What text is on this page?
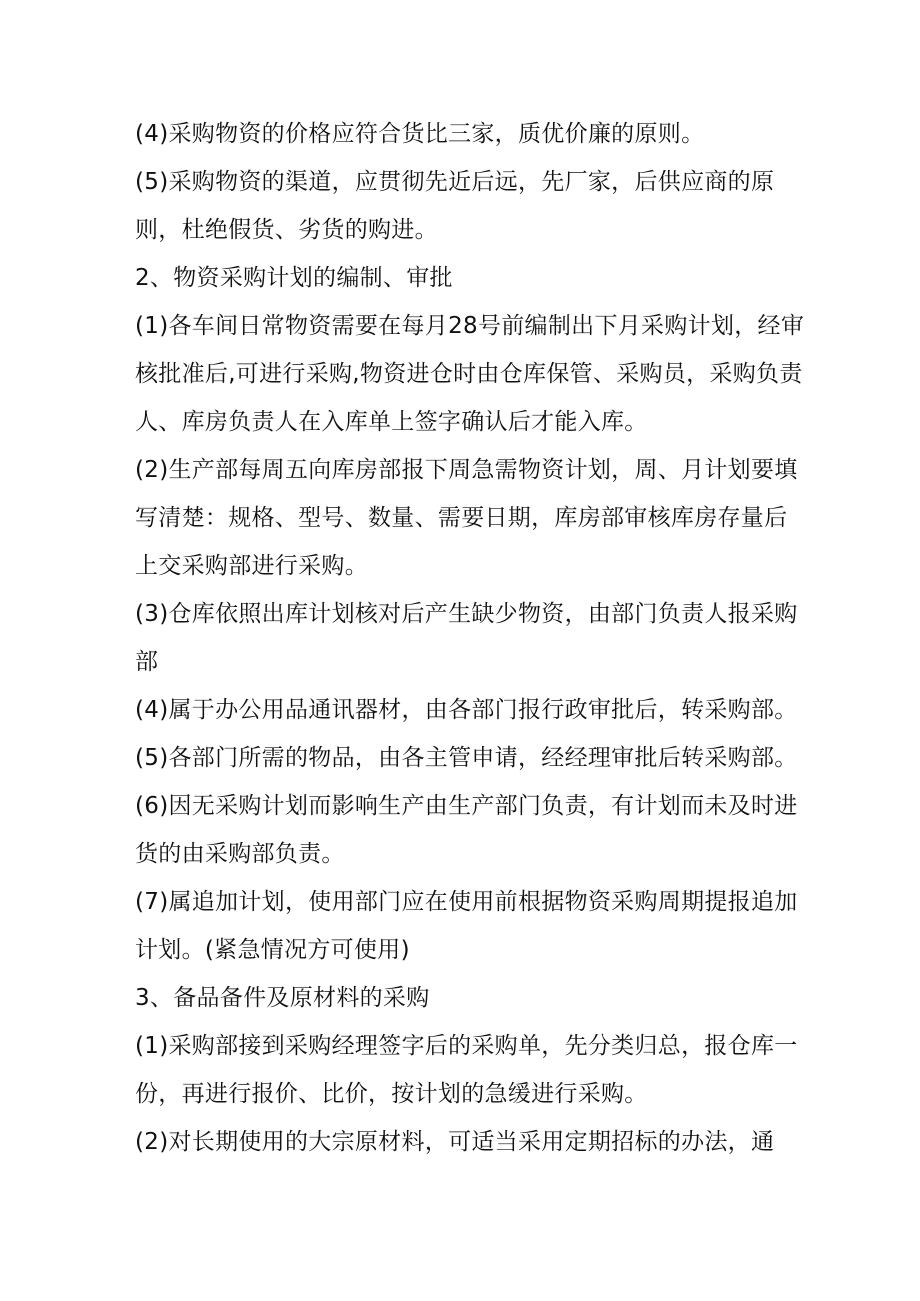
(4)采购物资的价格应符合货比三家，质优价廉的原则。

(5)采购物资的渠道，应贯彻先近后远，先厂家，后供应商的原则，杜绝假货、劣货的购进。

2、物资采购计划的编制、审批

(1)各车间日常物资需要在每月28号前编制出下月采购计划，经审核批准后,可进行采购,物资进仓时由仓库保管、采购员，采购负责人、库房负责人在入库单上签字确认后才能入库。

(2)生产部每周五向库房部报下周急需物资计划，周、月计划要填写清楚：规格、型号、数量、需要日期，库房部审核库房存量后上交采购部进行采购。

(3)仓库依照出库计划核对后产生缺少物资，由部门负责人报采购部

(4)属于办公用品通讯器材，由各部门报行政审批后，转采购部。

(5)各部门所需的物品，由各主管申请，经经理审批后转采购部。

(6)因无采购计划而影响生产由生产部门负责，有计划而未及时进货的由采购部负责。

(7)属追加计划，使用部门应在使用前根据物资采购周期提报追加计划。(紧急情况方可使用)

3、备品备件及原材料的采购

(1)采购部接到采购经理签字后的采购单，先分类归总，报仓库一份，再进行报价、比价，按计划的急缓进行采购。

(2)对长期使用的大宗原材料，可适当采用定期招标的办法，通
